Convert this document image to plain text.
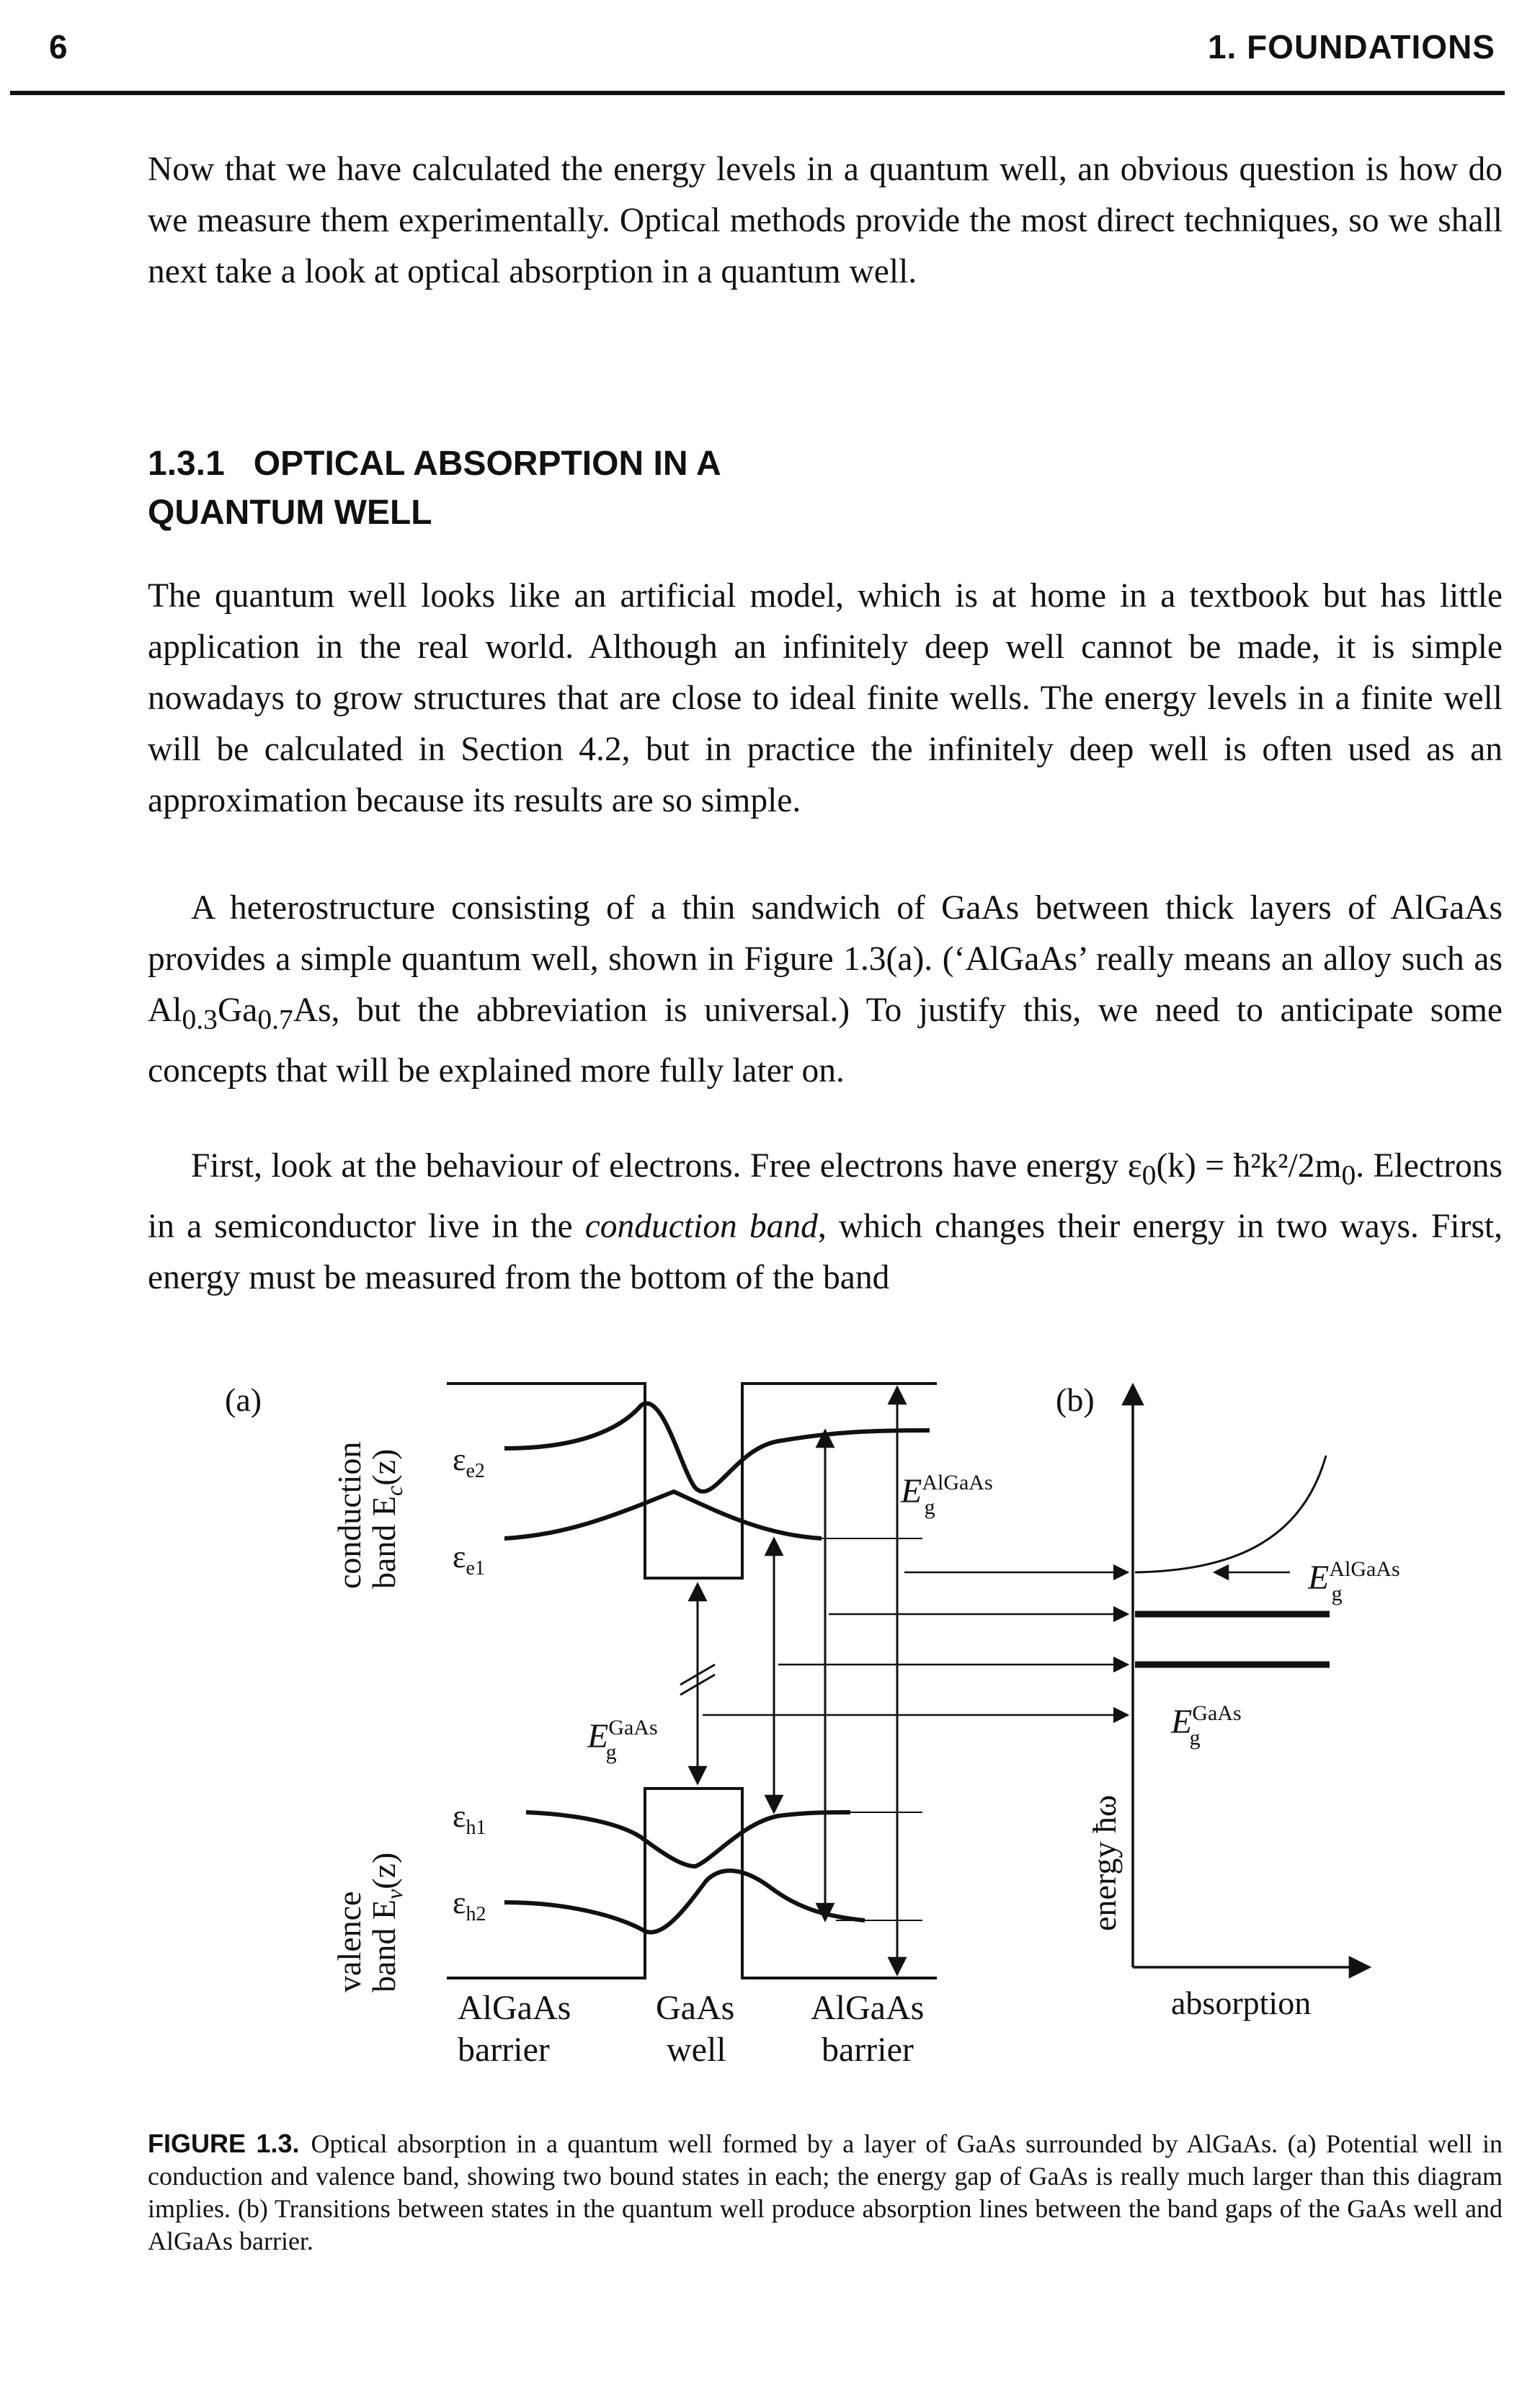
6	1. FOUNDATIONS

Now that we have calculated the energy levels in a quantum well, an obvious question is how do we measure them experimentally. Optical methods provide the most direct techniques, so we shall next take a look at optical absorption in a quantum well.

1.3.1 OPTICAL ABSORPTION IN A
QUANTUM WELL

The quantum well looks like an artificial model, which is at home in a textbook but has little application in the real world. Although an infinitely deep well cannot be made, it is simple nowadays to grow structures that are close to ideal finite wells. The energy levels in a finite well will be calculated in Section 4.2, but in practice the infinitely deep well is often used as an approximation because its results are so simple.

A heterostructure consisting of a thin sandwich of GaAs between thick layers of AlGaAs provides a simple quantum well, shown in Figure 1.3(a). (‘AlGaAs’ really means an alloy such as $Al_{0.3}Ga_{0.7}As$, but the abbreviation is universal.) To justify this, we need to anticipate some concepts that will be explained more fully later on.

First, look at the behaviour of electrons. Free electrons have energy $\varepsilon_0(k)$ = ħ²k²/$2m_0$. Electrons in a semiconductor live in the conduction band, which changes their energy in two ways. First, energy must be measured from the bottom of the band

(a)	(b)
conduction
band $E_c(z)$
valence
band $E_v(z)$
$\varepsilon_{e2}$
$\varepsilon_{e1}$
$\varepsilon_{h1}$
$\varepsilon_{h2}$
$E^{AlGaAs}$ g
$E^{GaAs}$ g
$E^{AlGaAs}$ g
$E^{GaAs}$ g
energy ħω
absorption
AlGaAs
barrier
GaAs
well
AlGaAs
barrier

FIGURE 1.3. Optical absorption in a quantum well formed by a layer of GaAs surrounded by AlGaAs. (a) Potential well in conduction and valence band, showing two bound states in each; the energy gap of GaAs is really much larger than this diagram implies. (b) Transitions between states in the quantum well produce absorption lines between the band gaps of the GaAs well and AlGaAs barrier.
